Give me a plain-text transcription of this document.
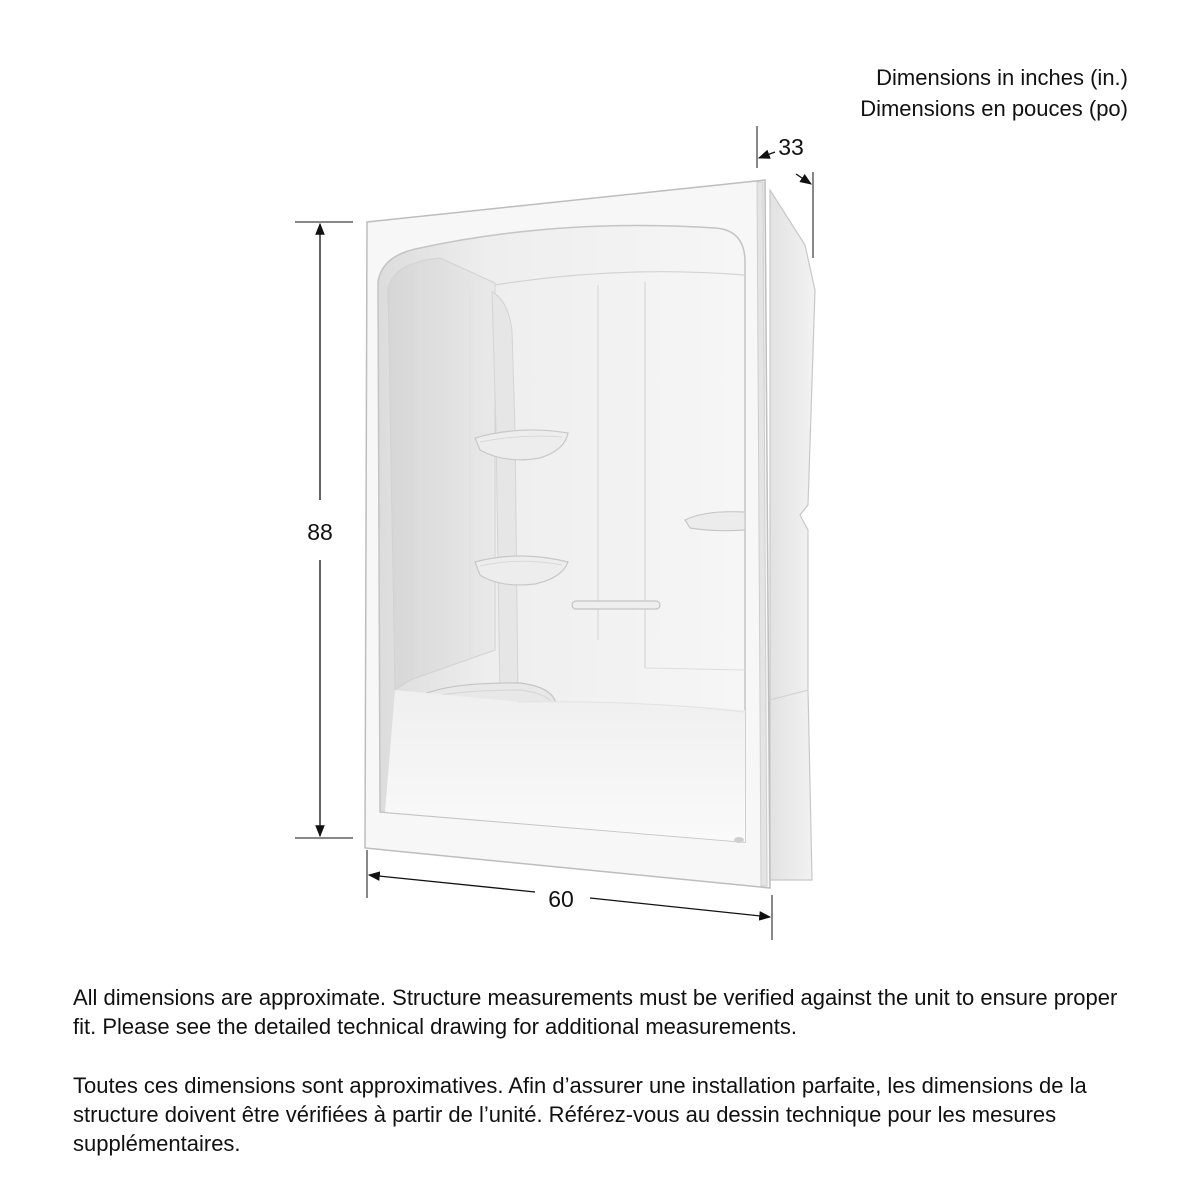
Dimensions in inches (in.)
Dimensions en pouces (po)
88
60
33

All dimensions are approximate. Structure measurements must be verified against the unit to ensure proper fit. Please see the detailed technical drawing for additional measurements.

Toutes ces dimensions sont approximatives. Afin d’assurer une installation parfaite, les dimensions de la structure doivent être vérifiées à partir de l’unité. Référez-vous au dessin technique pour les mesures supplémentaires.
